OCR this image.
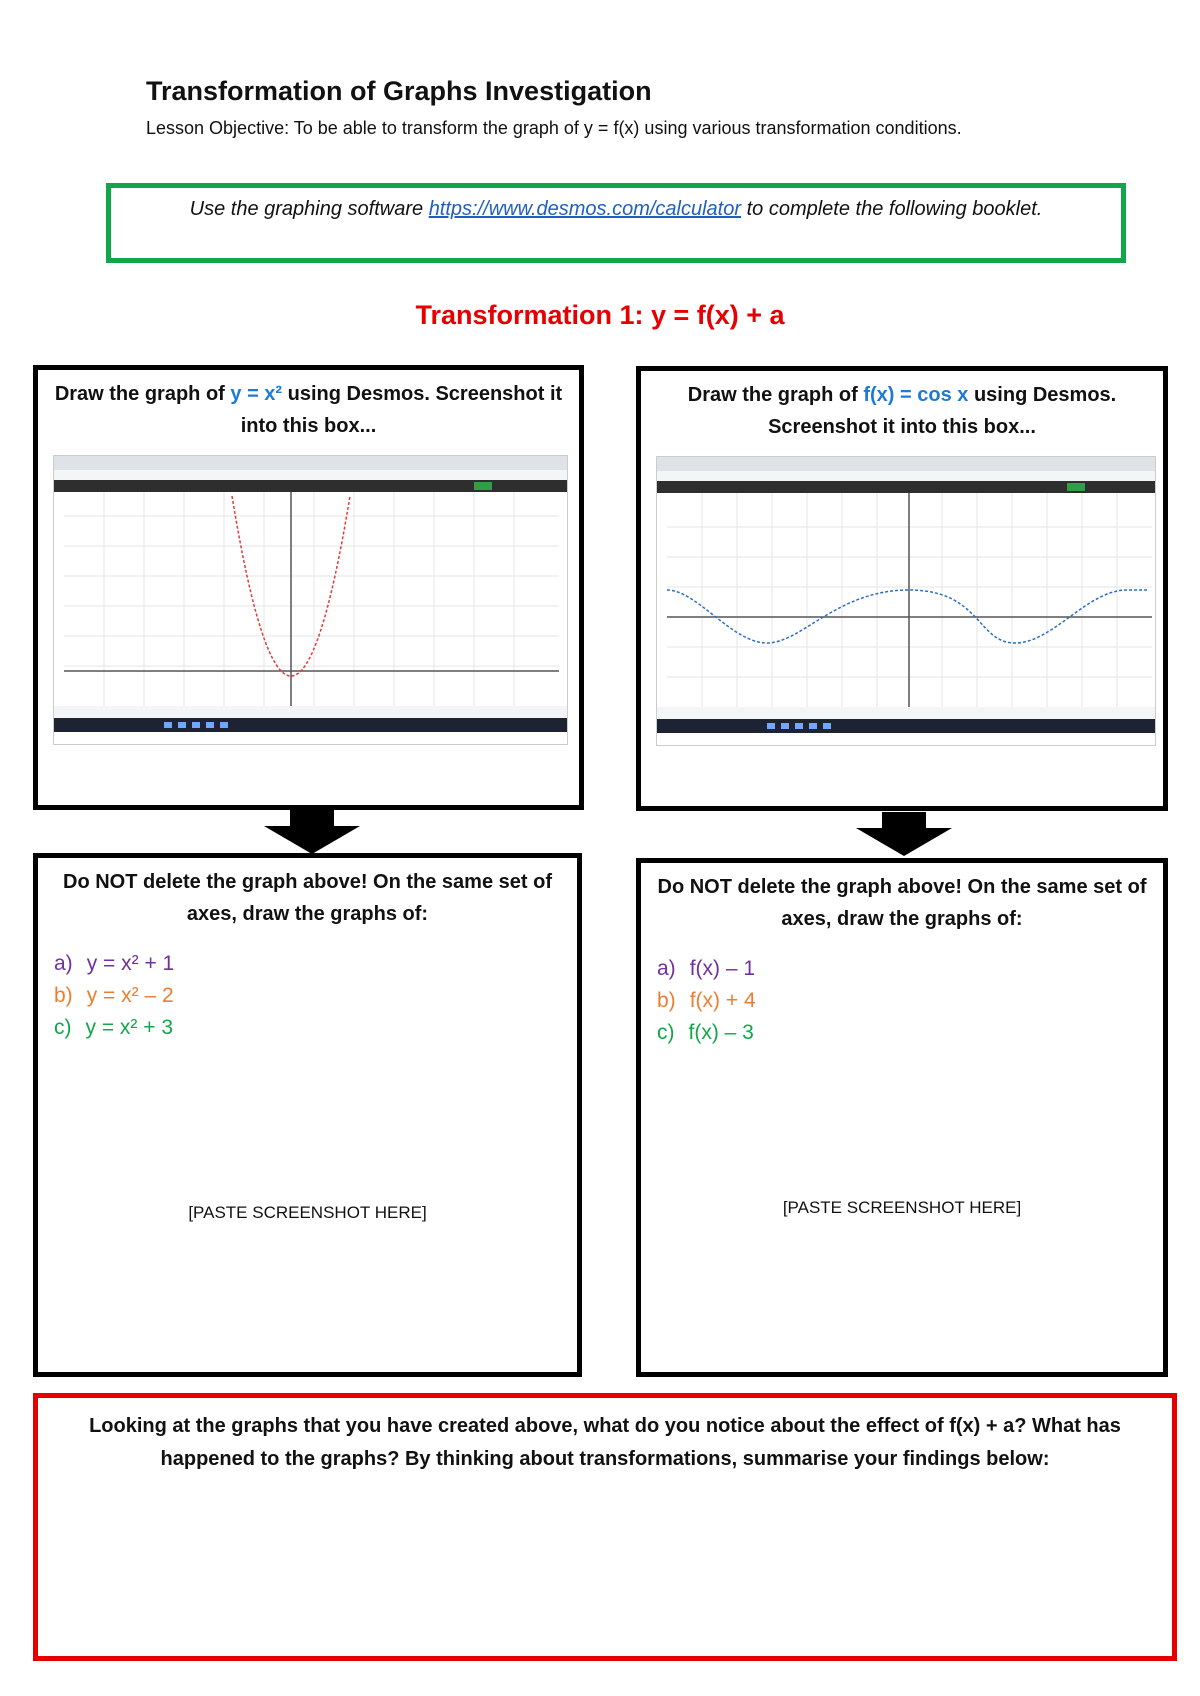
Transformation of Graphs Investigation
Lesson Objective: To be able to transform the graph of y = f(x) using various transformation conditions.
Use the graphing software https://www.desmos.com/calculator to complete the following booklet.
Transformation 1: y = f(x) + a
Draw the graph of y = x² using Desmos. Screenshot it into this box...
Draw the graph of f(x) = cos x using Desmos. Screenshot it into this box...
Do NOT delete the graph above! On the same set of axes, draw the graphs of:
a) y = x² + 1
b) y = x² – 2
c) y = x² + 3
[PASTE SCREENSHOT HERE]
Do NOT delete the graph above! On the same set of axes, draw the graphs of:
a) f(x) – 1
b) f(x) + 4
c) f(x) – 3
[PASTE SCREENSHOT HERE]
Looking at the graphs that you have created above, what do you notice about the effect of f(x) + a? What has happened to the graphs? By thinking about transformations, summarise your findings below:
